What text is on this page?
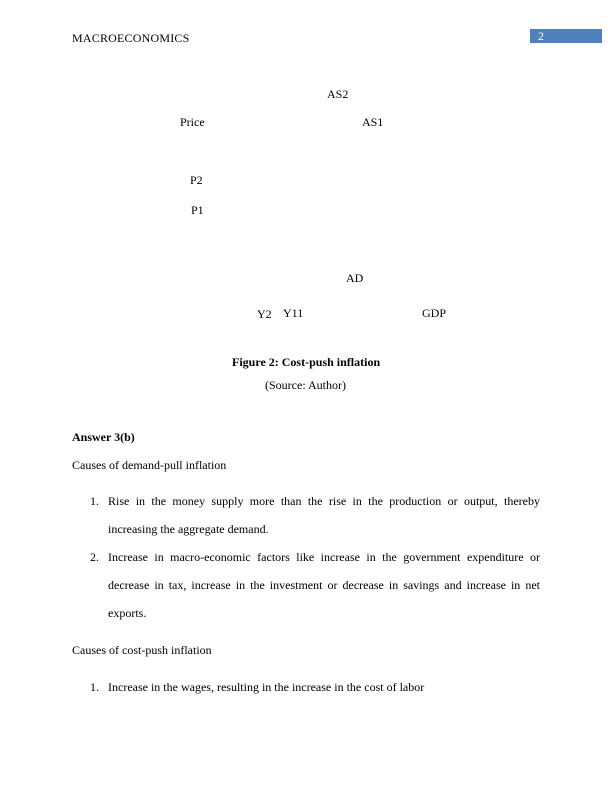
MACROECONOMICS	2
AS2
Price	AS1
P2
P1
AD
Y2 Y11	GDP
Figure 2: Cost-push inflation
(Source: Author)
Answer 3(b)
Causes of demand-pull inflation
1. Rise in the money supply more than the rise in the production or output, thereby increasing the aggregate demand.
2. Increase in macro-economic factors like increase in the government expenditure or decrease in tax, increase in the investment or decrease in savings and increase in net exports.
Causes of cost-push inflation
1. Increase in the wages, resulting in the increase in the cost of labor
